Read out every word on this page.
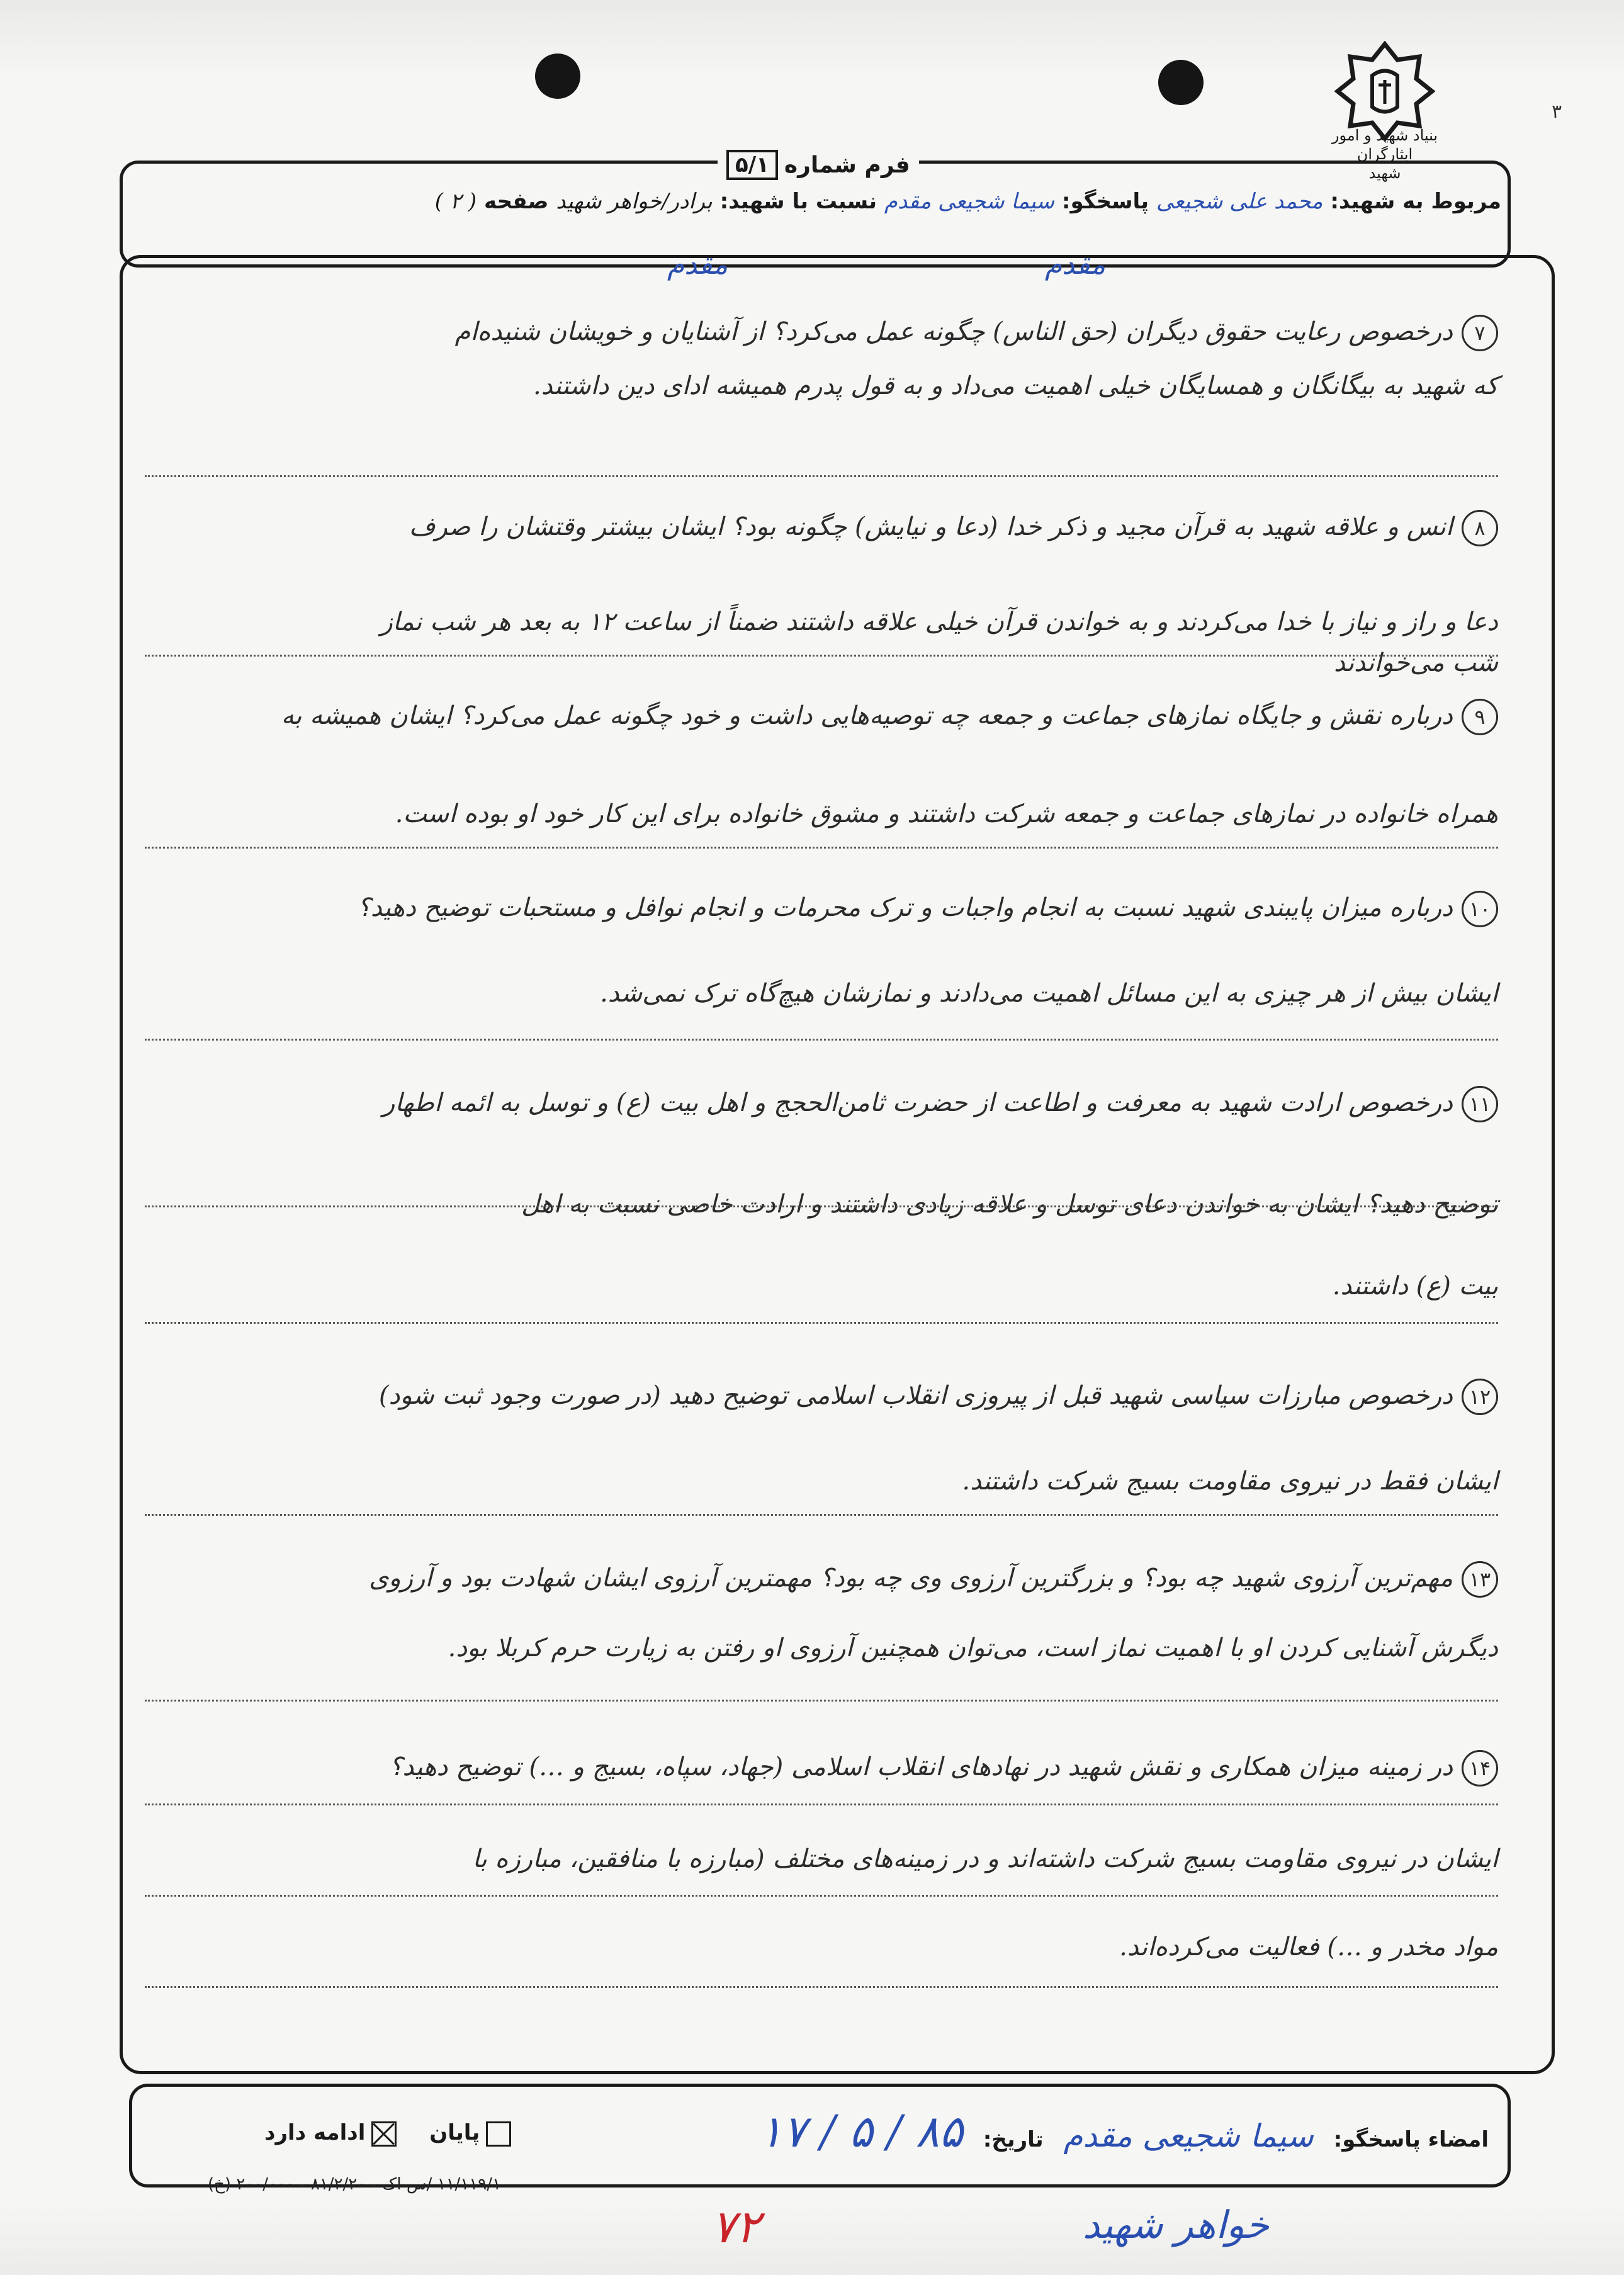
بنیاد شهید و امور ایثارگران
شهید
۳
فرم شماره
۵/۱
مربوط به شهید: محمد علی شجیعی پاسخگو: سیما شجیعی مقدم نسبت با شهید: برادر/خواهر شهید صفحه ( ۲ )
مقدم	مقدم
۷درخصوص رعایت حقوق دیگران (حق الناس) چگونه عمل می‌کرد؟ از آشنایان و خویشان شنیده‌ام
که شهید به بیگانگان و همسایگان خیلی اهمیت می‌داد و به قول پدرم همیشه ادای دین داشتند.
۸انس و علاقه شهید به قرآن مجید و ذکر خدا (دعا و نیایش) چگونه بود؟ ایشان بیشتر وقتشان را صرف
دعا و راز و نیاز با خدا می‌کردند و به خواندن قرآن خیلی علاقه داشتند ضمناً از ساعت ۱۲ به بعد هر شب نماز
شب می‌خواندند
۹درباره نقش و جایگاه نمازهای جماعت و جمعه چه توصیه‌هایی داشت و خود چگونه عمل می‌کرد؟ ایشان همیشه به
همراه خانواده در نمازهای جماعت و جمعه شرکت داشتند و مشوق خانواده برای این کار خود او بوده است.
۱۰درباره میزان پایبندی شهید نسبت به انجام واجبات و ترک محرمات و انجام نوافل و مستحبات توضیح دهید؟
ایشان بیش از هر چیزی به این مسائل اهمیت می‌دادند و نمازشان هیچ‌گاه ترک نمی‌شد.
۱۱درخصوص ارادت شهید به معرفت و اطاعت از حضرت ثامن‌الحجج و اهل بیت (ع) و توسل به ائمه اطهار
توضیح دهید؟ ایشان به خواندن دعای توسل و علاقه زیادی داشتند و ارادت خاصی نسبت به اهل
بیت (ع) داشتند.
۱۲درخصوص مبارزات سیاسی شهید قبل از پیروزی انقلاب اسلامی توضیح دهید (در صورت وجود ثبت شود)
ایشان فقط در نیروی مقاومت بسیج شرکت داشتند.
۱۳مهم‌ترین آرزوی شهید چه بود؟ و بزرگترین آرزوی وی چه بود؟ مهمترین آرزوی ایشان شهادت بود و آرزوی
دیگرش آشنایی کردن او با اهمیت نماز است، می‌توان همچنین آرزوی او رفتن به زیارت حرم کربلا بود.
۱۴در زمینه میزان همکاری و نقش شهید در نهادهای انقلاب اسلامی (جهاد، سپاه، بسیج و …) توضیح دهید؟
ایشان در نیروی مقاومت بسیج شرکت داشته‌اند و در زمینه‌های مختلف (مبارزه با منافقین، مبارزه با
مواد مخدر و …) فعالیت می‌کرده‌اند.
امضاء پاسخگو: سیما شجیعی مقدم تاریخ: ۸۵ / ۵ / ۱۷
پایان ادامه دارد
۱۱/۱۱۹/۱ /س اک - ۸۱/۲/۲۰ - ۲۰۰/۰۰۰ (خ)
۷۲	خواهر شهید
